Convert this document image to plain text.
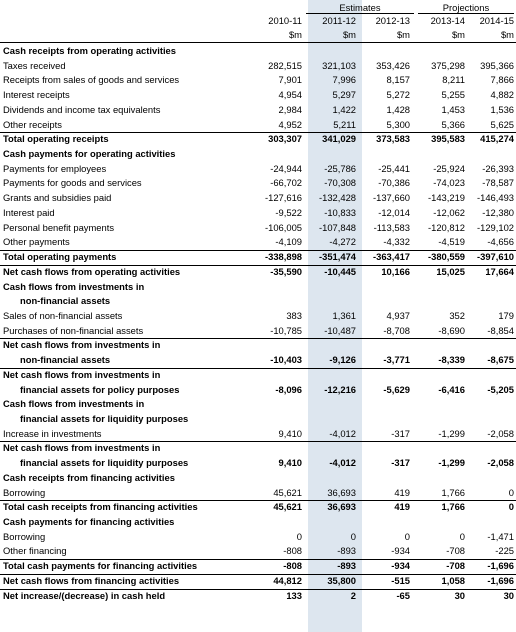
Estimates	Projections
2010-11	2011-12	2012-13	2013-14	2014-15
$m	$m	$m	$m	$m
Cash receipts from operating activities
Taxes received	282,515	321,103	353,426	375,298	395,366
Receipts from sales of goods and services	7,901	7,996	8,157	8,211	7,866
Interest receipts	4,954	5,297	5,272	5,255	4,882
Dividends and income tax equivalents	2,984	1,422	1,428	1,453	1,536
Other receipts	4,952	5,211	5,300	5,366	5,625
Total operating receipts	303,307	341,029	373,583	395,583	415,274
Cash payments for operating activities
Payments for employees	-24,944	-25,786	-25,441	-25,924	-26,393
Payments for goods and services	-66,702	-70,308	-70,386	-74,023	-78,587
Grants and subsidies paid	-127,616	-132,428	-137,660	-143,219	-146,493
Interest paid	-9,522	-10,833	-12,014	-12,062	-12,380
Personal benefit payments	-106,005	-107,848	-113,583	-120,812	-129,102
Other payments	-4,109	-4,272	-4,332	-4,519	-4,656
Total operating payments	-338,898	-351,474	-363,417	-380,559	-397,610
Net cash flows from operating activities	-35,590	-10,445	10,166	15,025	17,664
Cash flows from investments in
non-financial assets
Sales of non-financial assets	383	1,361	4,937	352	179
Purchases of non-financial assets	-10,785	-10,487	-8,708	-8,690	-8,854
Net cash flows from investments in
non-financial assets	-10,403	-9,126	-3,771	-8,339	-8,675
Net cash flows from investments in
financial assets for policy purposes	-8,096	-12,216	-5,629	-6,416	-5,205
Cash flows from investments in
financial assets for liquidity purposes
Increase in investments	9,410	-4,012	-317	-1,299	-2,058
Net cash flows from investments in
financial assets for liquidity purposes	9,410	-4,012	-317	-1,299	-2,058
Cash receipts from financing activities
Borrowing	45,621	36,693	419	1,766	0
Total cash receipts from financing activities	45,621	36,693	419	1,766	0
Cash payments for financing activities
Borrowing	0	0	0	0	-1,471
Other financing	-808	-893	-934	-708	-225
Total cash payments for financing activities	-808	-893	-934	-708	-1,696
Net cash flows from financing activities	44,812	35,800	-515	1,058	-1,696
Net increase/(decrease) in cash held	133	2	-65	30	30
